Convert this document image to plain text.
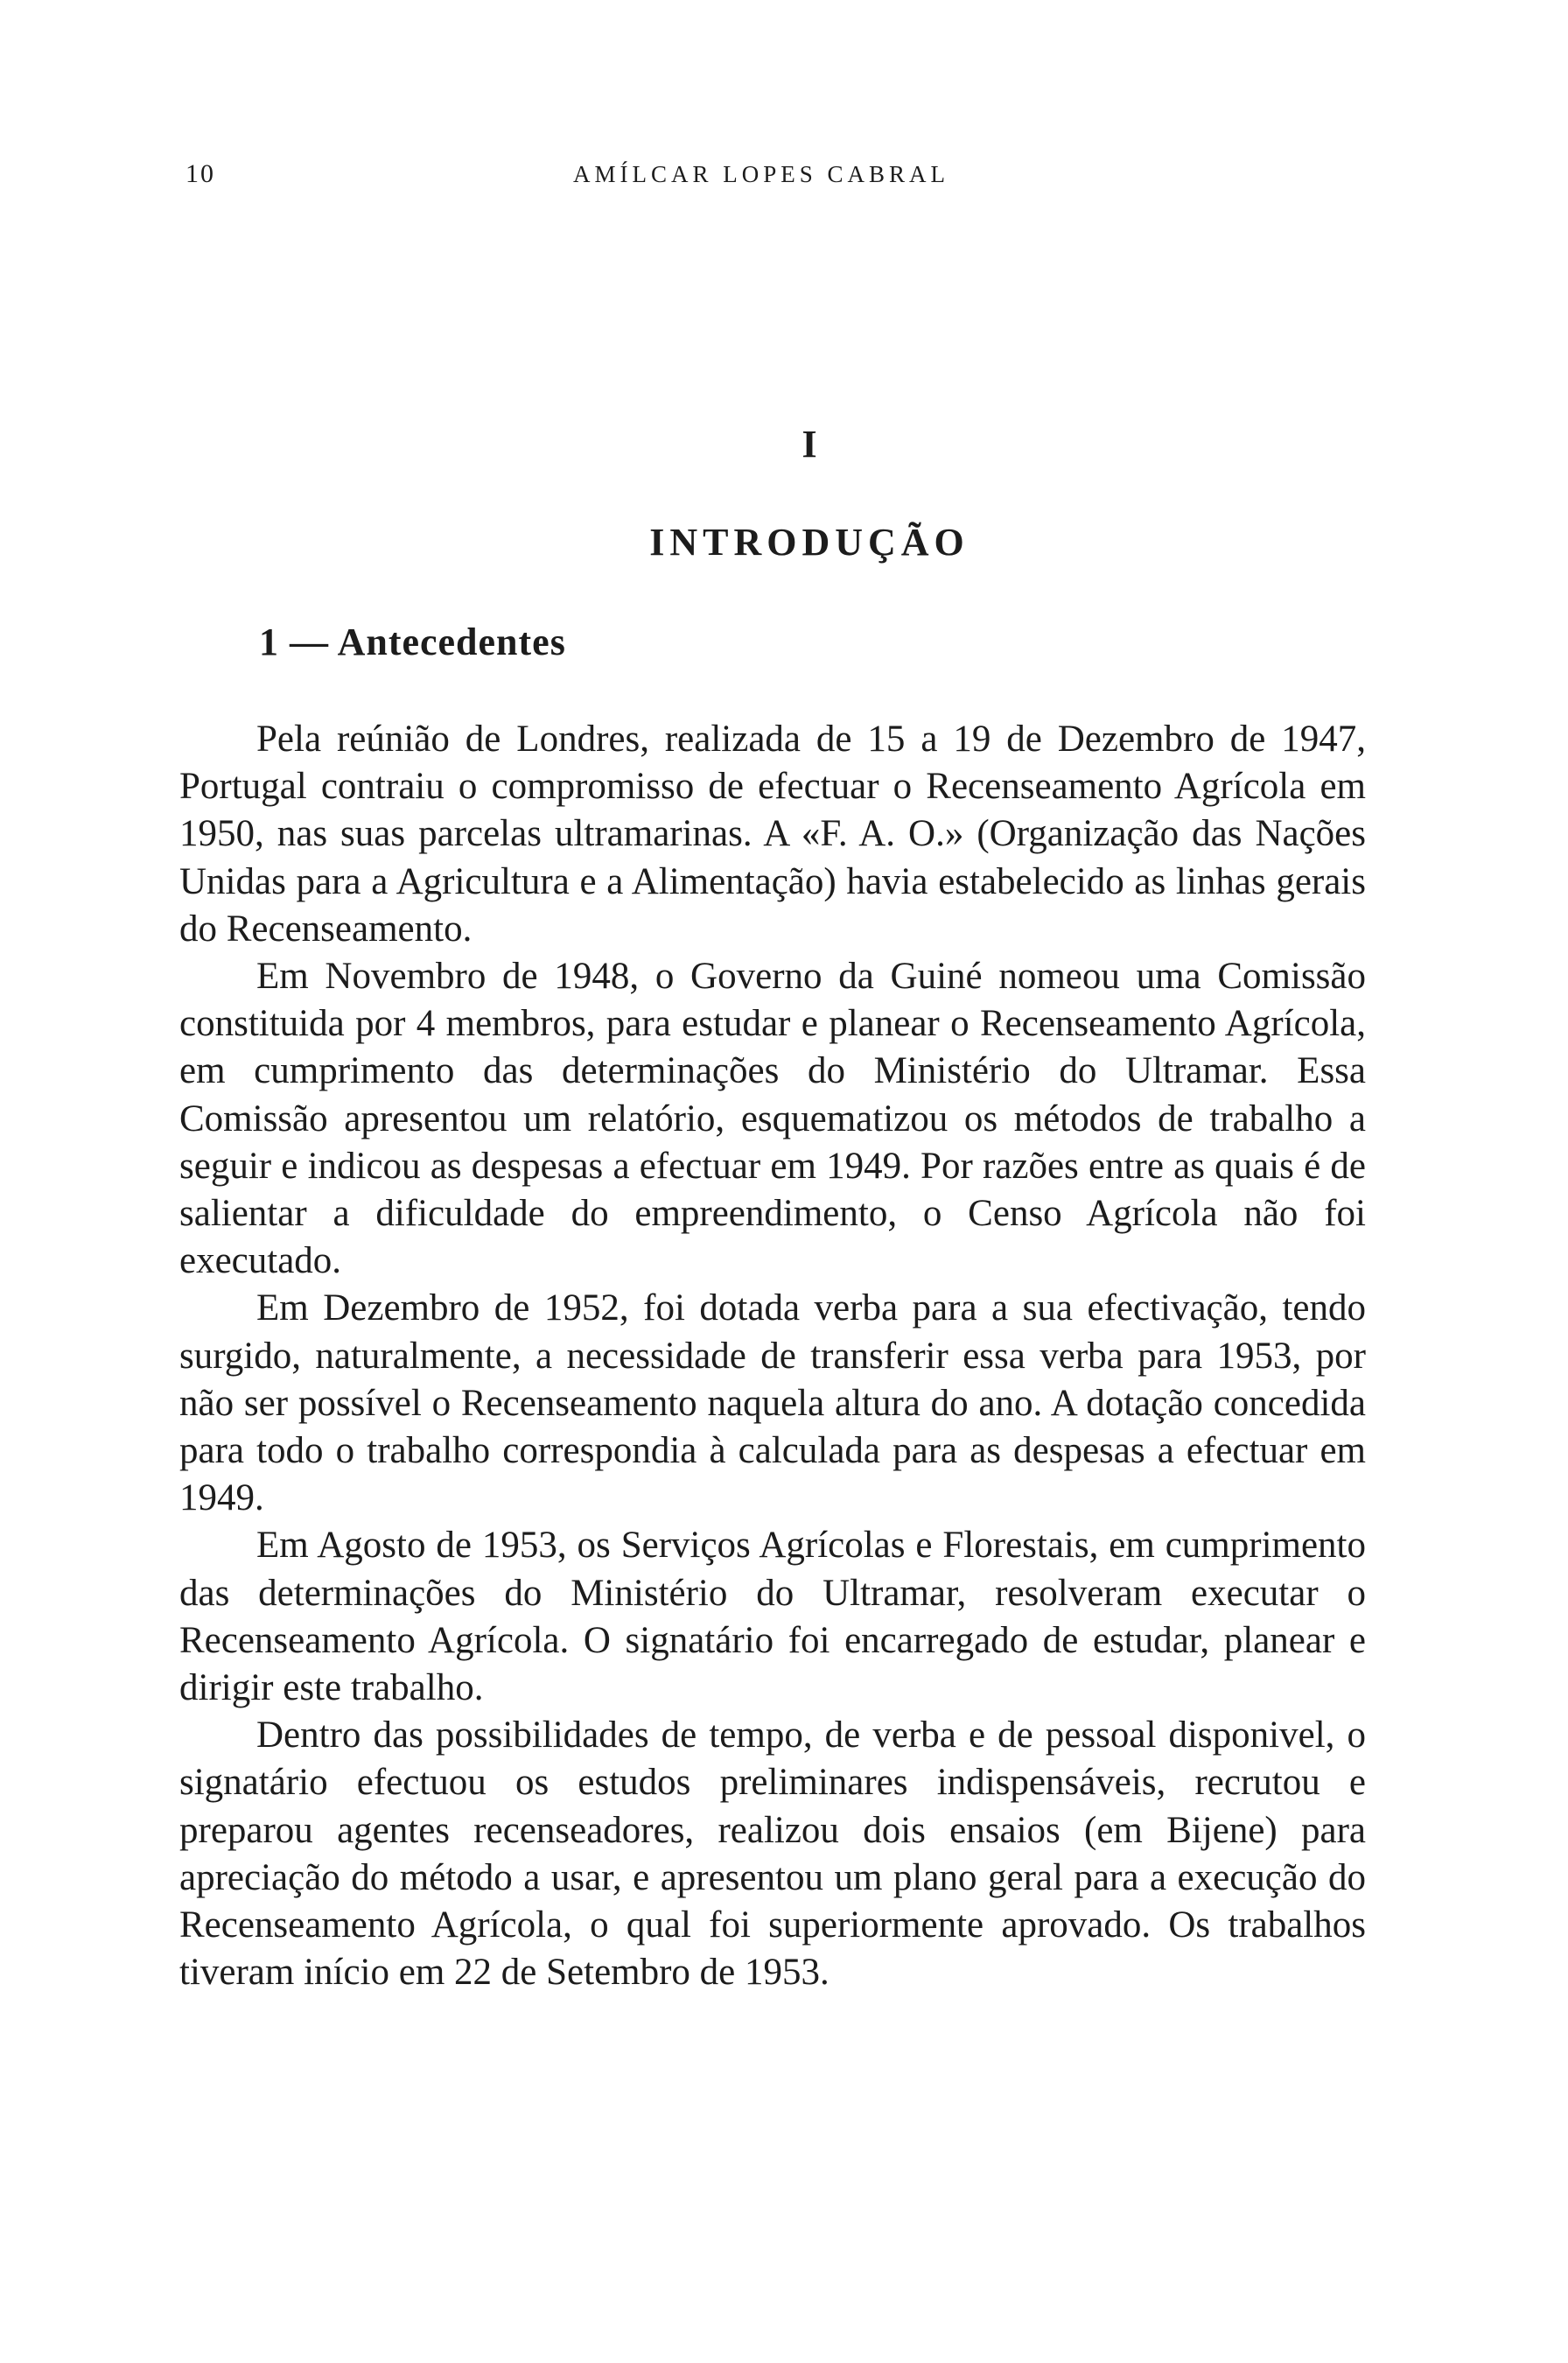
10	AMÍLCAR LOPES CABRAL
I
INTRODUÇÃO
1 — Antecedentes

Pela reúnião de Londres, realizada de 15 a 19 de Dezembro de 1947, Portugal contraiu o compromisso de efectuar o Recenseamento Agrícola em 1950, nas suas parcelas ultramarinas. A «F. A. O.» (Organização das Nações Unidas para a Agricultura e a Alimentação) havia estabelecido as linhas gerais do Recenseamento.

Em Novembro de 1948, o Governo da Guiné nomeou uma Comissão constituida por 4 membros, para estudar e planear o Recenseamento Agrícola, em cumprimento das determinações do Ministério do Ultramar. Essa Comissão apresentou um relatório, esquematizou os métodos de trabalho a seguir e indicou as despesas a efectuar em 1949. Por razões entre as quais é de salientar a dificuldade do empreendimento, o Censo Agrícola não foi executado.

Em Dezembro de 1952, foi dotada verba para a sua efectivação, tendo surgido, naturalmente, a necessidade de transferir essa verba para 1953, por não ser possível o Recenseamento naquela altura do ano. A dotação concedida para todo o trabalho correspondia à calculada para as despesas a efectuar em 1949.

Em Agosto de 1953, os Serviços Agrícolas e Florestais, em cumprimento das determinações do Ministério do Ultramar, resolveram executar o Recenseamento Agrícola. O signatário foi encarregado de estudar, planear e dirigir este trabalho.

Dentro das possibilidades de tempo, de verba e de pessoal disponivel, o signatário efectuou os estudos preliminares indispensáveis, recrutou e preparou agentes recenseadores, realizou dois ensaios (em Bijene) para apreciação do método a usar, e apresentou um plano geral para a execução do Recenseamento Agrícola, o qual foi superiormente aprovado. Os trabalhos tiveram início em 22 de Setembro de 1953.
